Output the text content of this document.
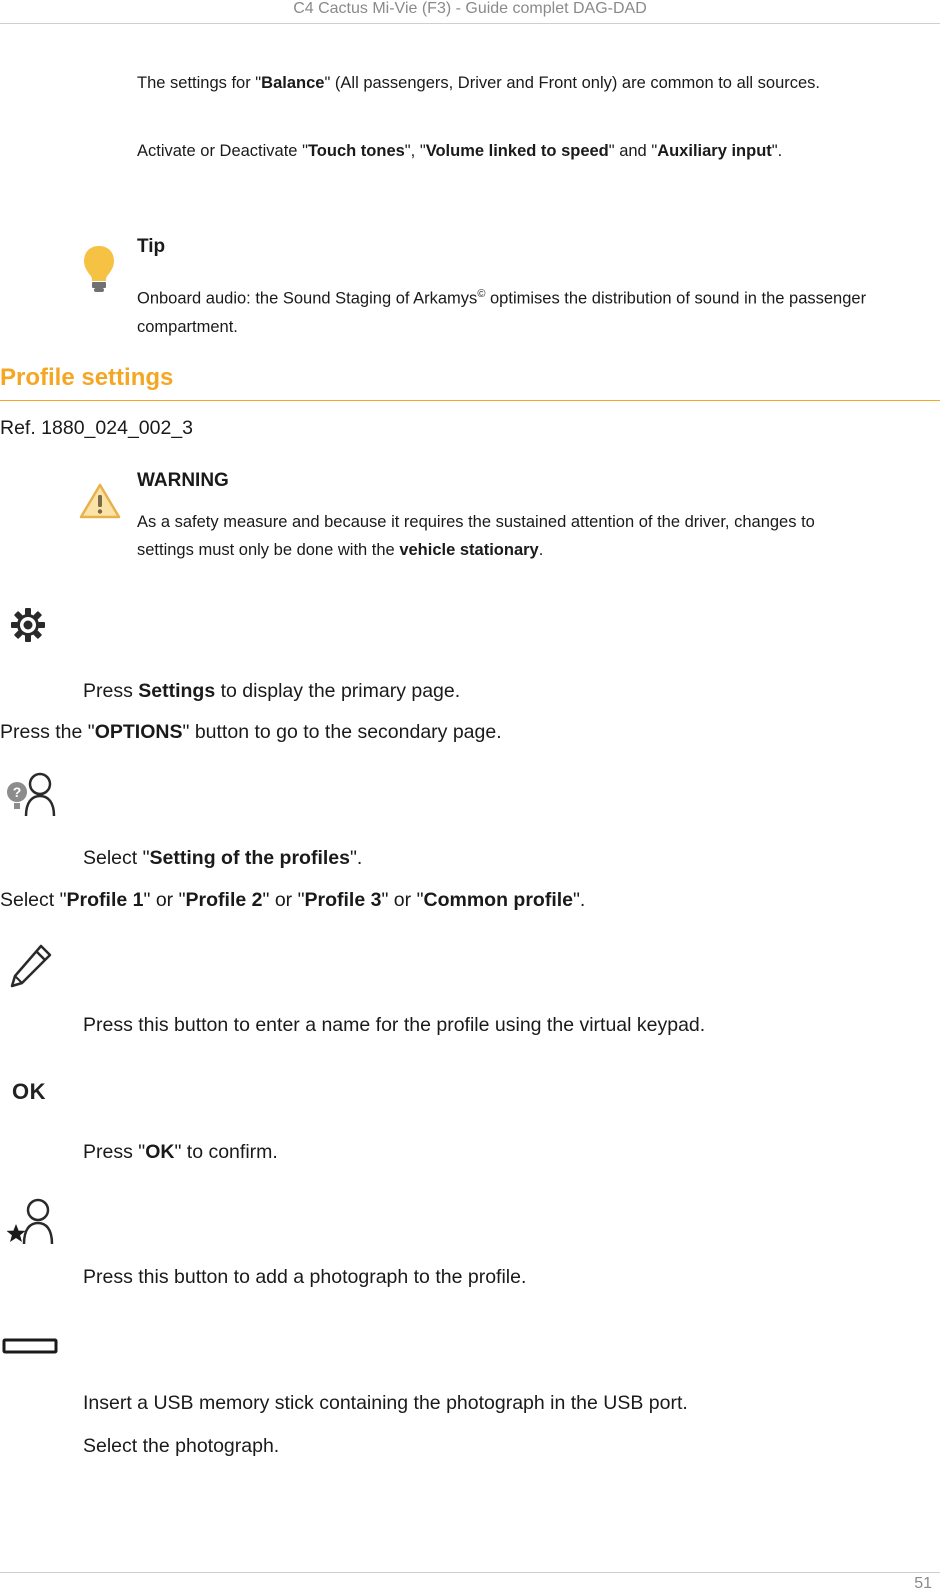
C4 Cactus Mi-Vie (F3) - Guide complet DAG-DAD
The settings for "Balance" (All passengers, Driver and Front only) are common to all sources.
Activate or Deactivate "Touch tones", "Volume linked to speed" and "Auxiliary input".
Tip
Onboard audio: the Sound Staging of Arkamys© optimises the distribution of sound in the passenger compartment.
Profile settings
Ref. 1880_024_002_3
WARNING
As a safety measure and because it requires the sustained attention of the driver, changes to settings must only be done with the vehicle stationary.
Press Settings to display the primary page.
Press the "OPTIONS" button to go to the secondary page.
?
Select "Setting of the profiles".
Select "Profile 1" or "Profile 2" or "Profile 3" or "Common profile".
Press this button to enter a name for the profile using the virtual keypad.
OK
Press "OK" to confirm.
Press this button to add a photograph to the profile.
Insert a USB memory stick containing the photograph in the USB port.
Select the photograph.
51
